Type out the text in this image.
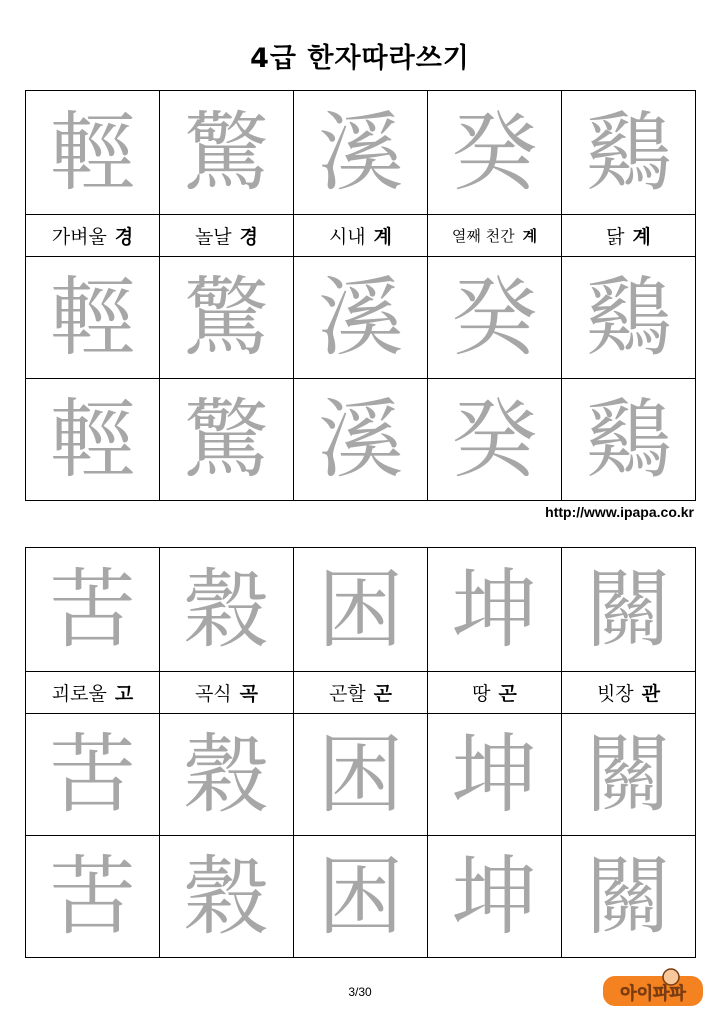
4급 한자따라쓰기
輕	驚	溪	癸	鷄
가벼울 경	놀날 경	시내 계	열째 천간 계	닭 계
輕	驚	溪	癸	鷄
輕	驚	溪	癸	鷄
http://www.ipapa.co.kr
苦	穀	困	坤	關
괴로울 고	곡식 곡	곤할 곤	땅 곤	빗장 관
苦	穀	困	坤	關
苦	穀	困	坤	關
3/30	아이파파
